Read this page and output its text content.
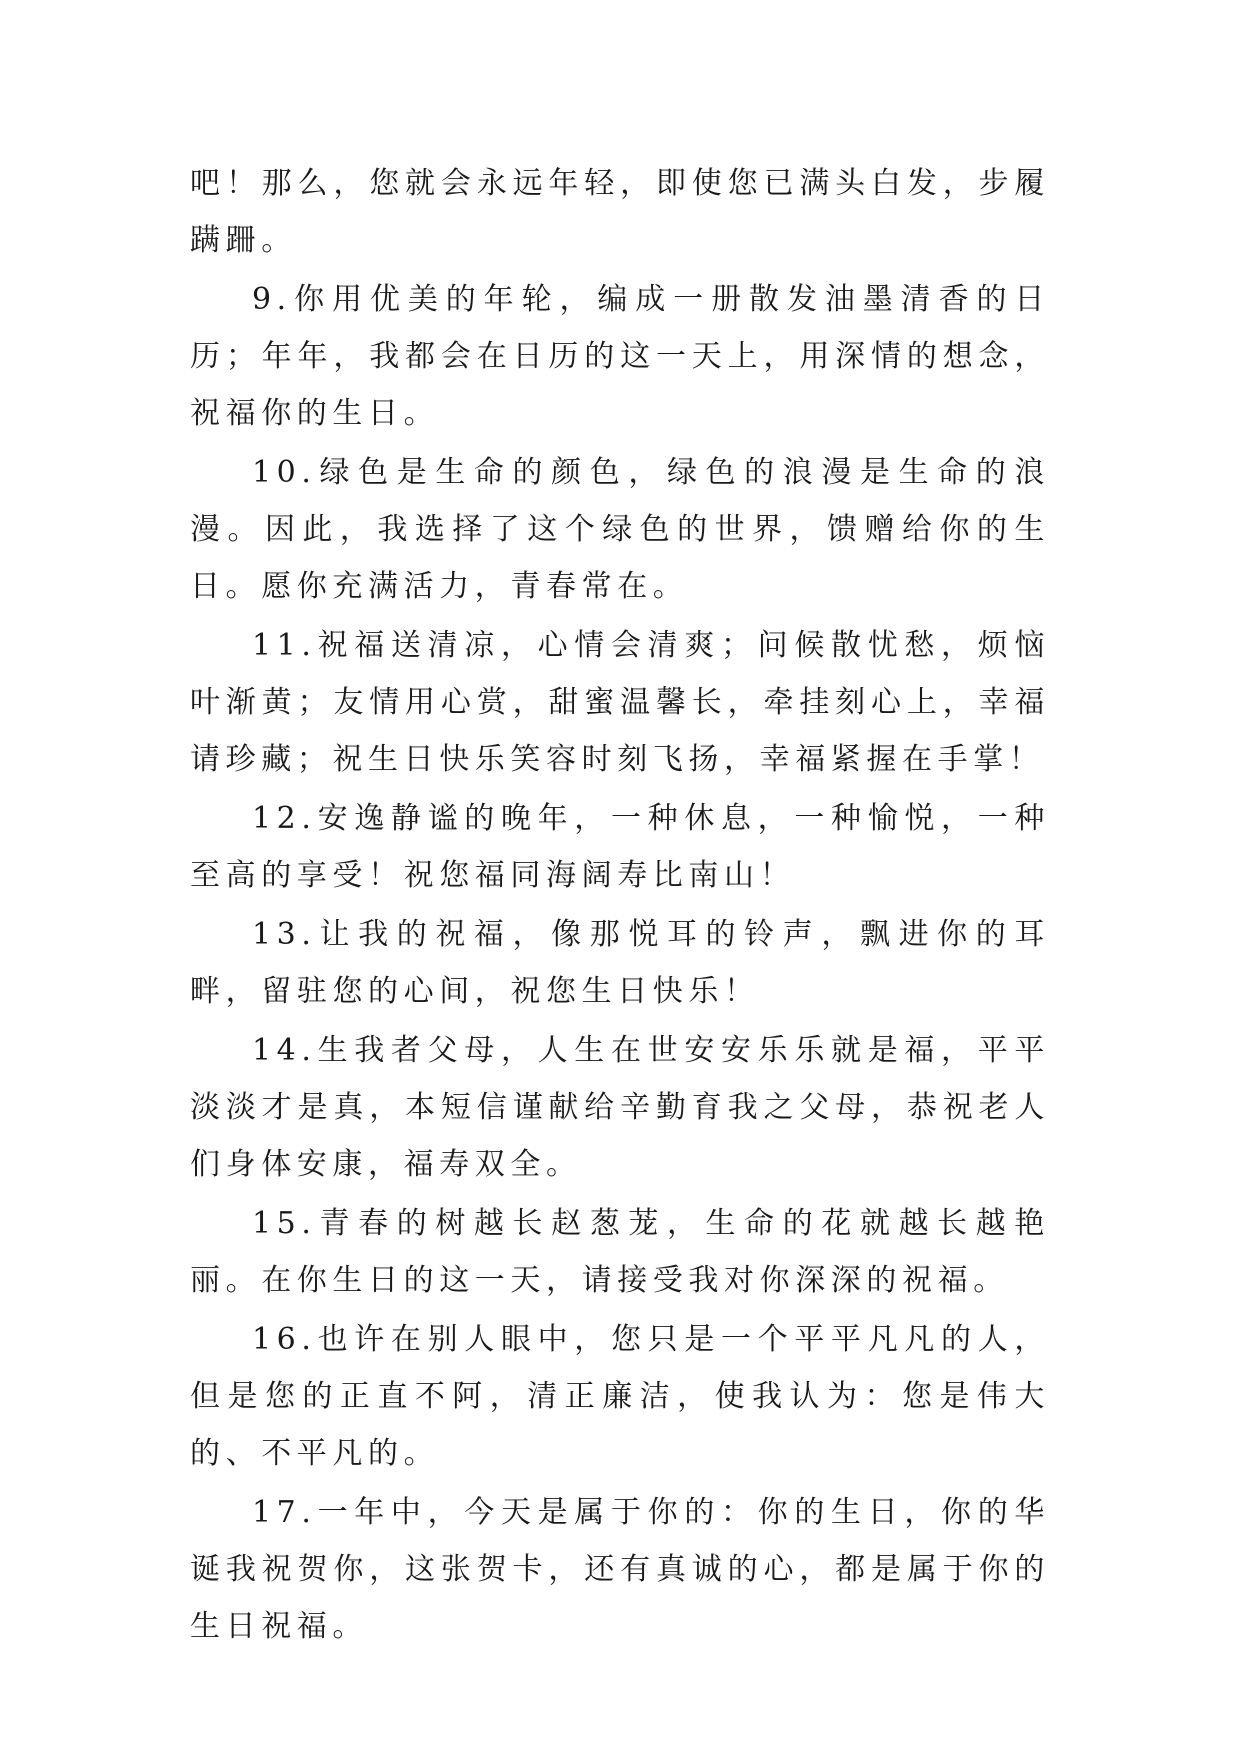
吧！那么，您就会永远年轻，即使您已满头白发，步履蹒跚。

9.你用优美的年轮，编成一册散发油墨清香的日历；年年，我都会在日历的这一天上，用深情的想念，祝福你的生日。

10.绿色是生命的颜色，绿色的浪漫是生命的浪漫。因此，我选择了这个绿色的世界，馈赠给你的生日。愿你充满活力，青春常在。

11.祝福送清凉，心情会清爽；问候散忧愁，烦恼叶渐黄；友情用心赏，甜蜜温馨长，牵挂刻心上，幸福请珍藏；祝生日快乐笑容时刻飞扬，幸福紧握在手掌！

12.安逸静谧的晚年，一种休息，一种愉悦，一种至高的享受！祝您福同海阔寿比南山！

13.让我的祝福，像那悦耳的铃声，飘进你的耳畔，留驻您的心间，祝您生日快乐！

14.生我者父母，人生在世安安乐乐就是福，平平淡淡才是真，本短信谨献给辛勤育我之父母，恭祝老人们身体安康，福寿双全。

15.青春的树越长赵葱茏，生命的花就越长越艳丽。在你生日的这一天，请接受我对你深深的祝福。

16.也许在别人眼中，您只是一个平平凡凡的人，但是您的正直不阿，清正廉洁，使我认为：您是伟大的、不平凡的。

17.一年中，今天是属于你的：你的生日，你的华诞我祝贺你，这张贺卡，还有真诚的心，都是属于你的生日祝福。
